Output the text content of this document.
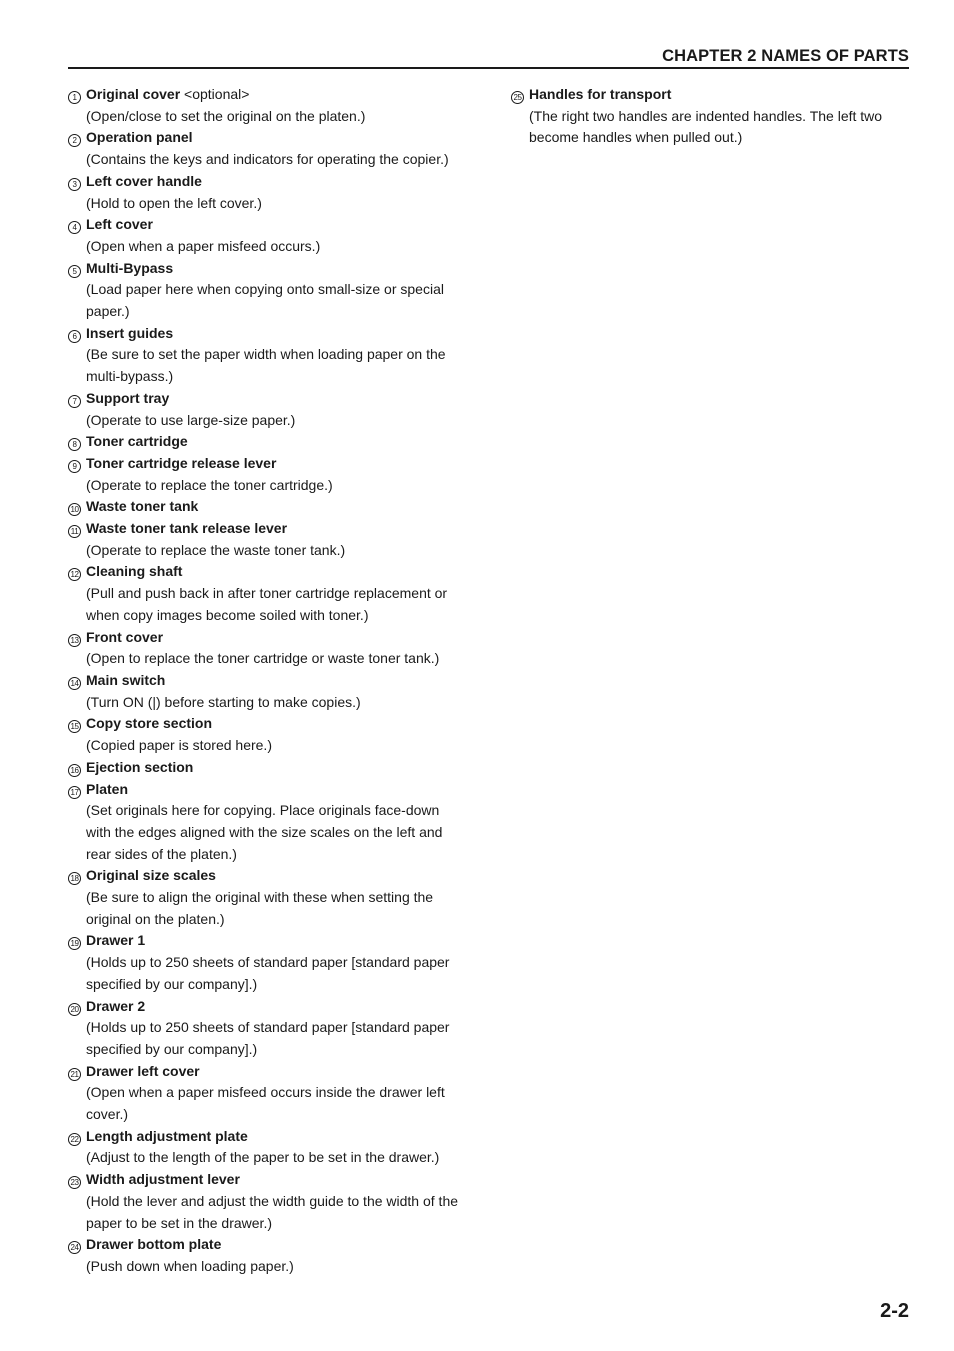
CHAPTER 2 NAMES OF PARTS
1 Original cover <optional>
(Open/close to set the original on the platen.)
2 Operation panel
(Contains the keys and indicators for operating the copier.)
3 Left cover handle
(Hold to open the left cover.)
4 Left cover
(Open when a paper misfeed occurs.)
5 Multi-Bypass
(Load paper here when copying onto small-size or special paper.)
6 Insert guides
(Be sure to set the paper width when loading paper on the multi-bypass.)
7 Support tray
(Operate to use large-size paper.)
8 Toner cartridge
9 Toner cartridge release lever
(Operate to replace the toner cartridge.)
10 Waste toner tank
11 Waste toner tank release lever
(Operate to replace the waste toner tank.)
12 Cleaning shaft
(Pull and push back in after toner cartridge replacement or when copy images become soiled with toner.)
13 Front cover
(Open to replace the toner cartridge or waste toner tank.)
14 Main switch
(Turn ON (|) before starting to make copies.)
15 Copy store section
(Copied paper is stored here.)
16 Ejection section
17 Platen
(Set originals here for copying. Place originals face-down with the edges aligned with the size scales on the left and rear sides of the platen.)
18 Original size scales
(Be sure to align the original with these when setting the original on the platen.)
19 Drawer 1
(Holds up to 250 sheets of standard paper [standard paper specified by our company].)
20 Drawer 2
(Holds up to 250 sheets of standard paper [standard paper specified by our company].)
21 Drawer left cover
(Open when a paper misfeed occurs inside the drawer left cover.)
22 Length adjustment plate
(Adjust to the length of the paper to be set in the drawer.)
23 Width adjustment lever
(Hold the lever and adjust the width guide to the width of the paper to be set in the drawer.)
24 Drawer bottom plate
(Push down when loading paper.)
25 Handles for transport
(The right two handles are indented handles. The left two become handles when pulled out.)
2-2
